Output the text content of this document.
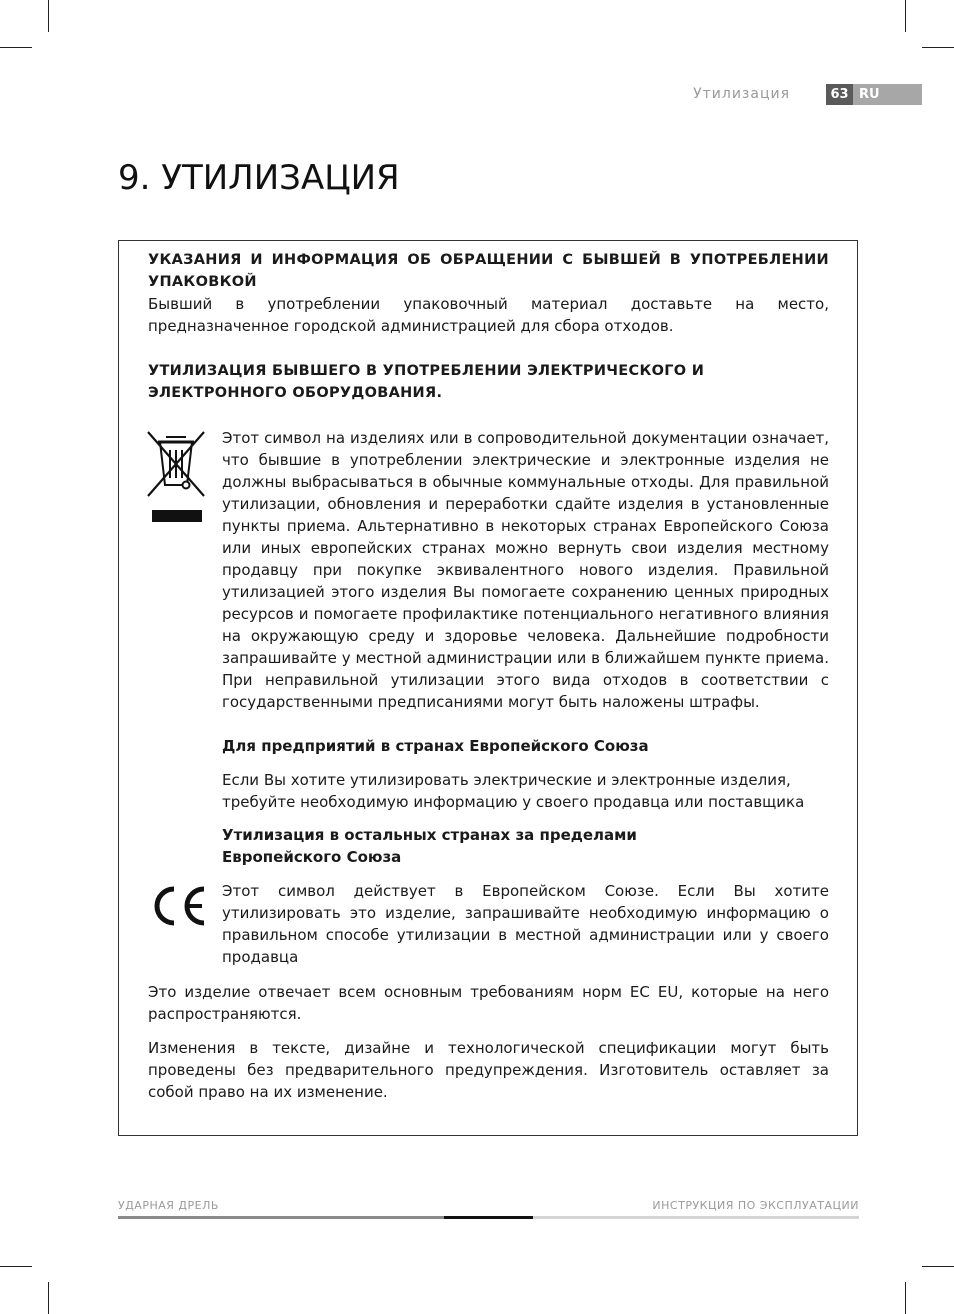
Утилизация	63 RU
9. УТИЛИЗАЦИЯ
УКАЗАНИЯ И ИНФОРМАЦИЯ ОБ ОБРАЩЕНИИ С БЫВШЕЙ В УПОТРЕБЛЕНИИ УПАКОВКОЙ
Бывший в употреблении упаковочный материал доставьте на место, предназначенное городской администрацией для сбора отходов.
УТИЛИЗАЦИЯ БЫВШЕГО В УПОТРЕБЛЕНИИ ЭЛЕКТРИЧЕСКОГО И ЭЛЕКТРОННОГО ОБОРУДОВАНИЯ.
Этот символ на изделиях или в сопроводительной документации означает, что бывшие в употреблении электрические и электронные изделия не должны выбрасываться в обычные коммунальные отходы. Для правильной утилизации, обновления и переработки сдайте изделия в установленные пункты приема. Альтернативно в некоторых странах Европейского Союза или иных европейских странах можно вернуть свои изделия местному продавцу при покупке эквивалентного нового изделия. Правильной утилизацией этого изделия Вы помогаете сохранению ценных природных ресурсов и помогаете профилактике потенциального негативного влияния на окружающую среду и здоровье человека. Дальнейшие подробности запрашивайте у местной администрации или в ближайшем пункте приема. При неправильной утилизации этого вида отходов в соответствии с государственными предписаниями могут быть наложены штрафы.
Для предприятий в странах Европейского Союза
Если Вы хотите утилизировать электрические и электронные изделия, требуйте необходимую информацию у своего продавца или поставщика
Утилизация в остальных странах за пределами
Европейского Союза
Этот символ действует в Европейском Союзе. Если Вы хотите утилизировать это изделие, запрашивайте необходимую информацию о правильном способе утилизации в местной администрации или у своего продавца
Это изделие отвечает всем основным требованиям норм ЕС EU, которые на него распространяются.
Изменения в тексте, дизайне и технологической спецификации могут быть проведены без предварительного предупреждения. Изготовитель оставляет за собой право на их изменение.
УДАРНАЯ ДРЕЛЬ	ИНСТРУКЦИЯ ПО ЭКСПЛУАТАЦИИ
